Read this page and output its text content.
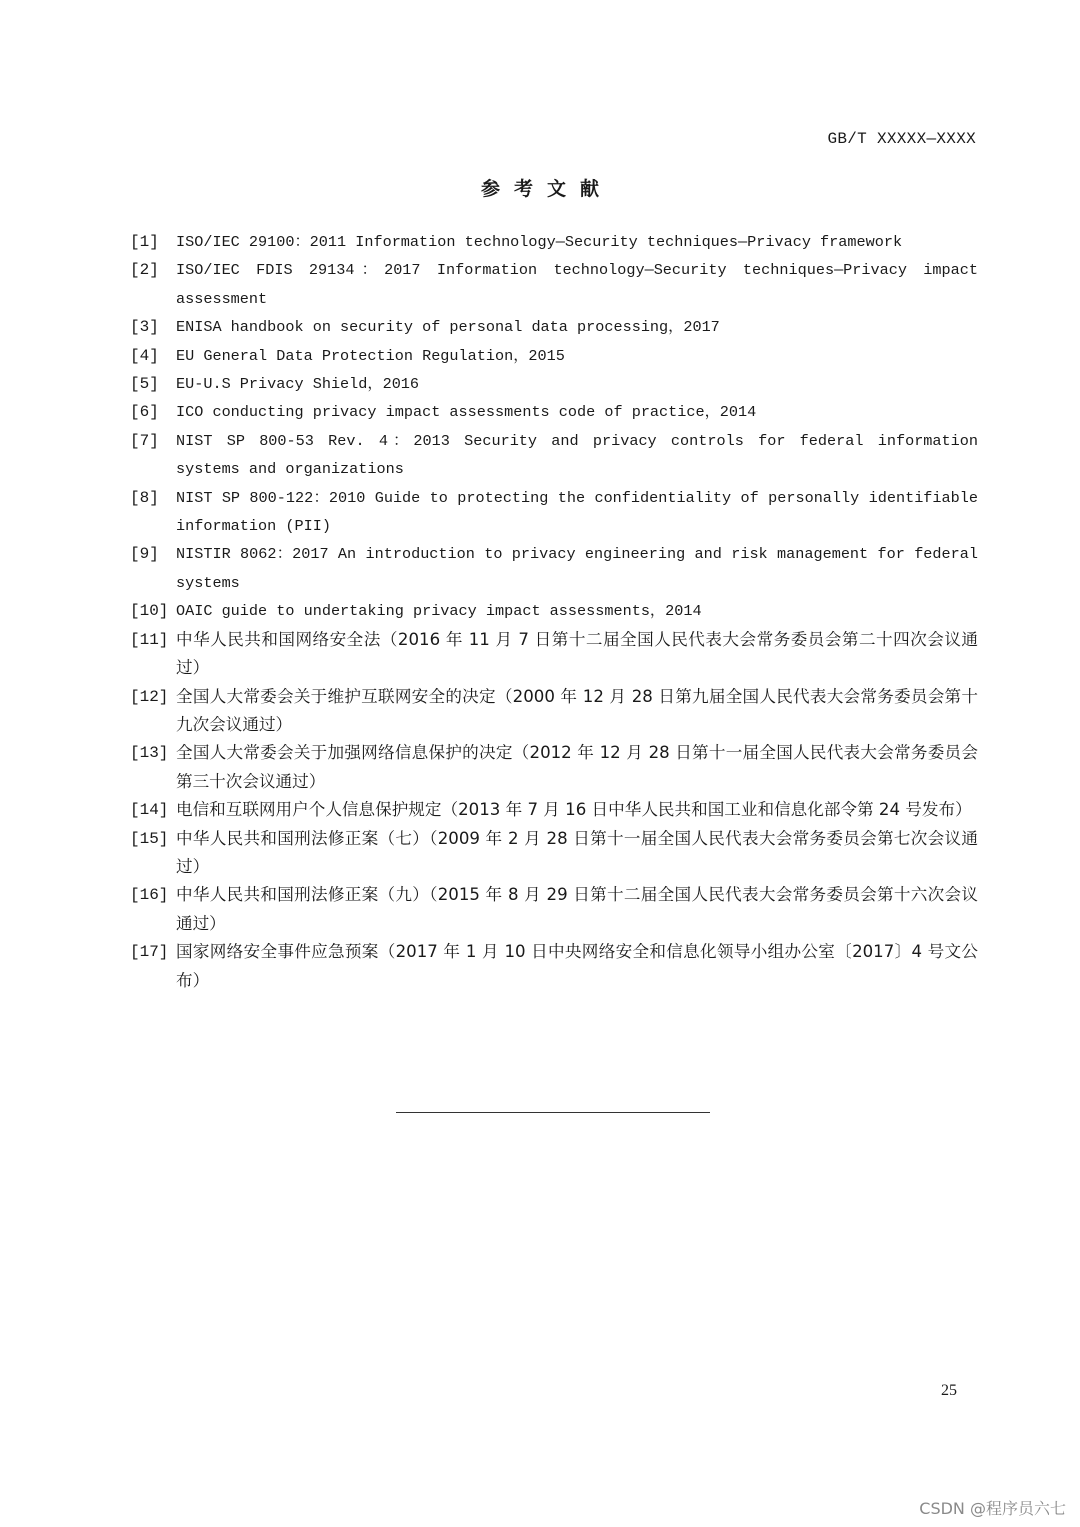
GB/T XXXXX—XXXX
参考文献
[1]	ISO/IEC 29100：2011 Information technology—Security techniques—Privacy framework
[2]	ISO/IEC FDIS 29134：2017 Information technology—Security techniques—Privacy impact assessment
[3]	ENISA handbook on security of personal data processing，2017
[4]	EU General Data Protection Regulation，2015
[5]	EU-U.S Privacy Shield，2016
[6]	ICO conducting privacy impact assessments code of practice，2014
[7]	NIST SP 800-53 Rev. 4：2013 Security and privacy controls for federal information systems and organizations
[8]	NIST SP 800-122：2010 Guide to protecting the confidentiality of personally identifiable information (PII)
[9]	NISTIR 8062：2017 An introduction to privacy engineering and risk management for federal systems
[10] OAIC guide to undertaking privacy impact assessments，2014
[11] 中华人民共和国网络安全法（2016 年 11 月 7 日第十二届全国人民代表大会常务委员会第二十四次会议通过）
[12] 全国人大常委会关于维护互联网安全的决定（2000 年 12 月 28 日第九届全国人民代表大会常务委员会第十九次会议通过）
[13] 全国人大常委会关于加强网络信息保护的决定（2012 年 12 月 28 日第十一届全国人民代表大会常务委员会第三十次会议通过）
[14] 电信和互联网用户个人信息保护规定（2013 年 7 月 16 日中华人民共和国工业和信息化部令第 24 号发布）
[15] 中华人民共和国刑法修正案（七）（2009 年 2 月 28 日第十一届全国人民代表大会常务委员会第七次会议通过）
[16] 中华人民共和国刑法修正案（九）（2015 年 8 月 29 日第十二届全国人民代表大会常务委员会第十六次会议通过）
[17] 国家网络安全事件应急预案（2017 年 1 月 10 日中央网络安全和信息化领导小组办公室〔2017〕4 号文公布）
25
CSDN @程序员六七
